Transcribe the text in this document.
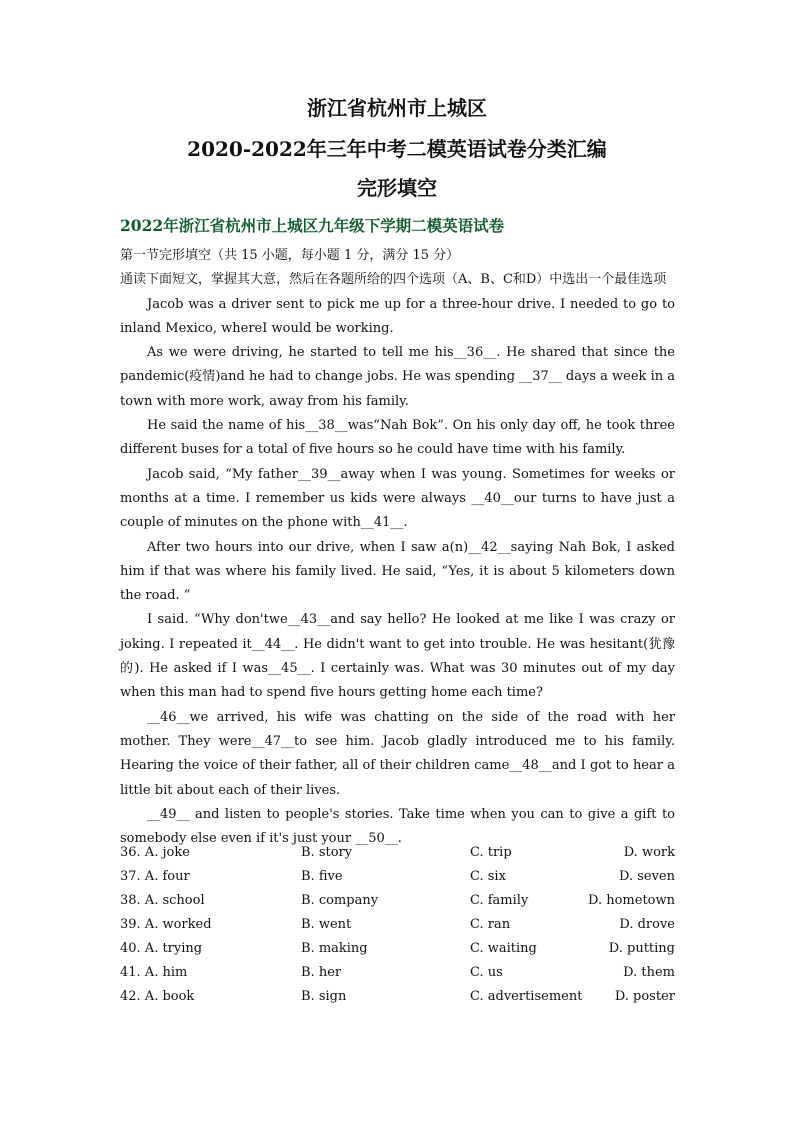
浙江省杭州市上城区
2020-2022年三年中考二模英语试卷分类汇编
完形填空
2022年浙江省杭州市上城区九年级下学期二模英语试卷

第一节完形填空（共 15 小题，每小题 1 分，满分 15 分）

通读下面短文，掌握其大意，然后在各题所给的四个选项（A、B、C和D）中选出一个最佳选项

Jacob was a driver sent to pick me up for a three-hour drive. I needed to go to inland Mexico, whereI would be working.

As we were driving, he started to tell me his__36__. He shared that since the pandemic(疫情)and he had to change jobs. He was spending __37__ days a week in a town with more work, away from his family.

He said the name of his__38__was“Nah Bok”. On his only day off, he took three different buses for a total of five hours so he could have time with his family.

Jacob said, “My father__39__away when I was young. Sometimes for weeks or months at a time. I remember us kids were always __40__our turns to have just a couple of minutes on the phone with__41__.

After two hours into our drive, when I saw a(n)__42__saying Nah Bok, I asked him if that was where his family lived. He said, “Yes, it is about 5 kilometers down the road. ”

I said. “Why don'twe__43__and say hello? He looked at me like I was crazy or joking. I repeated it__44__. He didn't want to get into trouble. He was hesitant(犹豫的). He asked if I was__45__. I certainly was. What was 30 minutes out of my day when this man had to spend five hours getting home each time?

__46__we arrived, his wife was chatting on the side of the road with her mother. They were__47__to see him. Jacob gladly introduced me to his family. Hearing the voice of their father, all of their children came__48__and I got to hear a little bit about each of their lives.

__49__ and listen to people's stories. Take time when you can to give a gift to somebody else even if it's just your __50__.

36. A. joke	B. story	C. trip	D. work
37. A. four	B. five	C. six	D. seven
38. A. school	B. company	C. family	D. hometown
39. A. worked	B. went	C. ran	D. drove
40. A. trying	B. making	C. waiting	D. putting
41. A. him	B. her	C. us	D. them
42. A. book	B. sign	C. advertisement D. poster
